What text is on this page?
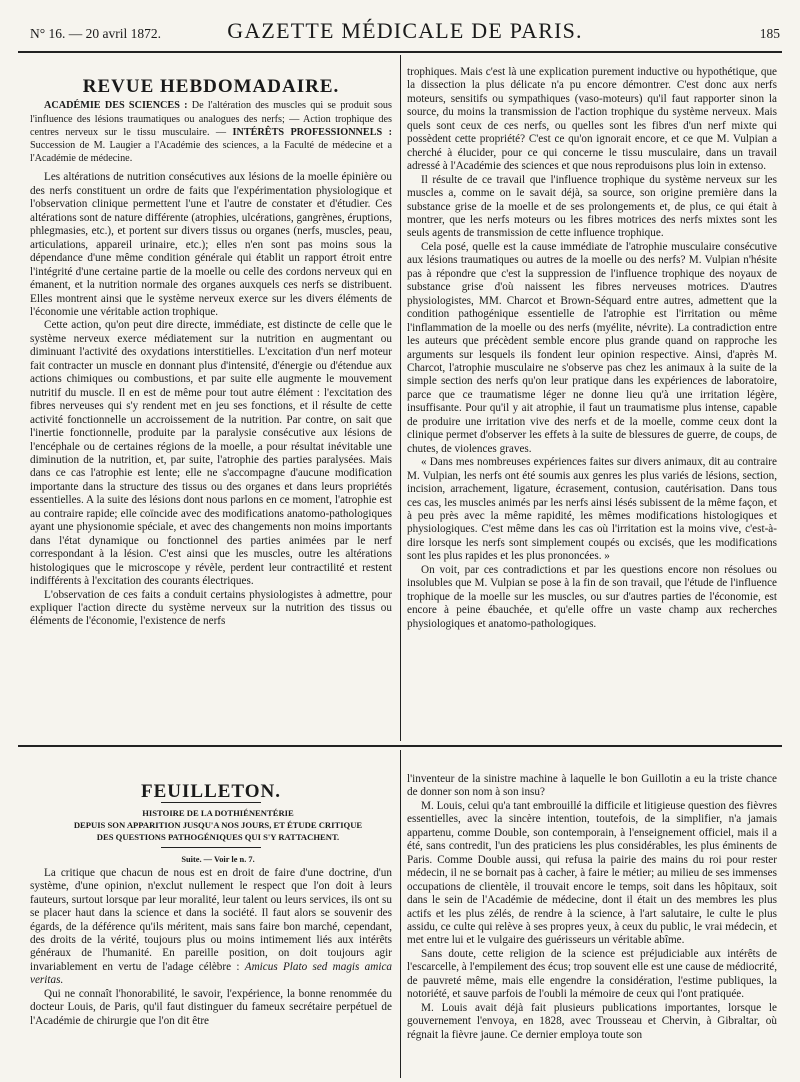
N° 16. — 20 avril 1872.	GAZETTE MÉDICALE DE PARIS.	185
REVUE HEBDOMADAIRE.
ACADÉMIE DES SCIENCES : De l'altération des muscles qui se produit sous l'influence des lésions traumatiques ou analogues des nerfs; — Action trophique des centres nerveux sur le tissu musculaire. — INTÉRÊTS PROFESSIONNELS : Succession de M. Laugier a l'Académie des sciences, a la Faculté de médecine et a l'Académie de médecine.

Les altérations de nutrition consécutives aux lésions de la moelle épinière ou des nerfs constituent un ordre de faits que l'expérimentation physiologique et l'observation clinique permettent l'une et l'autre de constater et d'étudier. Ces altérations sont de nature différente (atrophies, ulcérations, gangrènes, éruptions, phlegmasies, etc.), et portent sur divers tissus ou organes (nerfs, muscles, peau, articulations, appareil urinaire, etc.); elles n'en sont pas moins sous la dépendance d'une même condition générale qui établit un rapport étroit entre l'intégrité d'une certaine partie de la moelle ou celle des cordons nerveux qui en émanent, et la nutrition normale des organes auxquels ces nerfs se distribuent. Elles montrent ainsi que le système nerveux exerce sur les divers éléments de l'économie une véritable action trophique.

Cette action, qu'on peut dire directe, immédiate, est distincte de celle que le système nerveux exerce médiatement sur la nutrition en augmentant ou diminuant l'activité des oxydations interstitielles. L'excitation d'un nerf moteur fait contracter un muscle en donnant plus d'intensité, d'énergie ou d'étendue aux actions chimiques ou combustions, et par suite elle augmente le mouvement nutritif du muscle. Il en est de même pour tout autre élément : l'excitation des fibres nerveuses qui s'y rendent met en jeu ses fonctions, et il résulte de cette activité fonctionnelle un accroissement de la nutrition. Par contre, on sait que l'inertie fonctionnelle, produite par la paralysie consécutive aux lésions de l'encéphale ou de certaines régions de la moelle, a pour résultat inévitable une diminution de la nutrition, et, par suite, l'atrophie des parties paralysées. Mais dans ce cas l'atrophie est lente; elle ne s'accompagne d'aucune modification importante dans la structure des tissus ou des organes et dans leurs propriétés essentielles. A la suite des lésions dont nous parlons en ce moment, l'atrophie est au contraire rapide; elle coïncide avec des modifications anatomo-pathologiques ayant une physionomie spéciale, et avec des changements non moins importants dans l'état dynamique ou fonctionnel des parties animées par le nerf correspondant à la lésion. C'est ainsi que les muscles, outre les altérations histologiques que le microscope y révèle, perdent leur contractilité et restent indifférents à l'excitation des courants électriques.

L'observation de ces faits a conduit certains physiologistes à admettre, pour expliquer l'action directe du système nerveux sur la nutrition des tissus ou éléments de l'économie, l'existence de nerfs

trophiques. Mais c'est là une explication purement inductive ou hypothétique, que la dissection la plus délicate n'a pu encore démontrer. C'est donc aux nerfs moteurs, sensitifs ou sympathiques (vaso-moteurs) qu'il faut rapporter sinon la source, du moins la transmission de l'action trophique du système nerveux. Mais quels sont ceux de ces nerfs, ou quelles sont les fibres d'un nerf mixte qui possèdent cette propriété? C'est ce qu'on ignorait encore, et ce que M. Vulpian a cherché à élucider, pour ce qui concerne le tissu musculaire, dans un travail adressé à l'Académie des sciences et que nous reproduisons plus loin in extenso.

Il résulte de ce travail que l'influence trophique du système nerveux sur les muscles a, comme on le savait déjà, sa source, son origine première dans la substance grise de la moelle et de ses prolongements et, de plus, ce qui était à montrer, que les nerfs moteurs ou les fibres motrices des nerfs mixtes sont les seuls agents de transmission de cette influence trophique.

Cela posé, quelle est la cause immédiate de l'atrophie musculaire consécutive aux lésions traumatiques ou autres de la moelle ou des nerfs? M. Vulpian n'hésite pas à répondre que c'est la suppression de l'influence trophique des noyaux de substance grise d'où naissent les fibres nerveuses motrices. D'autres physiologistes, MM. Charcot et Brown-Séquard entre autres, admettent que la condition pathogénique essentielle de l'atrophie est l'irritation ou même l'inflammation de la moelle ou des nerfs (myélite, névrite). La contradiction entre les auteurs que précèdent semble encore plus grande quand on rapproche les arguments sur lesquels ils fondent leur opinion respective. Ainsi, d'après M. Charcot, l'atrophie musculaire ne s'observe pas chez les animaux à la suite de la simple section des nerfs qu'on leur pratique dans les expériences de laboratoire, parce que ce traumatisme léger ne donne lieu qu'à une irritation légère, insuffisante. Pour qu'il y ait atrophie, il faut un traumatisme plus intense, capable de produire une irritation vive des nerfs et de la moelle, comme ceux dont la clinique permet d'observer les effets à la suite de blessures de guerre, de coups, de chutes, de violences graves.

« Dans mes nombreuses expériences faites sur divers animaux, dit au contraire M. Vulpian, les nerfs ont été soumis aux genres les plus variés de lésions, section, incision, arrachement, ligature, écrasement, contusion, cautérisation. Dans tous ces cas, les muscles animés par les nerfs ainsi lésés subissent de la même façon, et à peu près avec la même rapidité, les mêmes modifications histologiques et physiologiques. C'est même dans les cas où l'irritation est la moins vive, c'est-à-dire lorsque les nerfs sont simplement coupés ou excisés, que les modifications sont les plus rapides et les plus prononcées. »

On voit, par ces contradictions et par les questions encore non résolues ou insolubles que M. Vulpian se pose à la fin de son travail, que l'étude de l'influence trophique de la moelle sur les muscles, ou sur d'autres parties de l'économie, est encore à peine ébauchée, et qu'elle offre un vaste champ aux recherches physiologiques et anatomo-pathologiques.

FEUILLETON.

HISTOIRE DE LA DOTHIÉNENTÉRIE

DEPUIS SON APPARITION JUSQU'A NOS JOURS, ET ÉTUDE CRITIQUE

DES QUESTIONS PATHOGÉNIQUES QUI S'Y RATTACHENT.

Suite. — Voir le n. 7.

La critique que chacun de nous est en droit de faire d'une doctrine, d'un système, d'une opinion, n'exclut nullement le respect que l'on doit à leurs fauteurs, surtout lorsque par leur moralité, leur talent ou leurs services, ils ont su se placer haut dans la science et dans la société. Il faut alors se souvenir des égards, de la déférence qu'ils méritent, mais sans faire bon marché, cependant, des droits de la vérité, toujours plus ou moins intimement liés aux intérêts généraux de l'humanité. En pareille position, on doit toujours agir invariablement en vertu de l'adage célèbre : Amicus Plato sed magis amica veritas.

Qui ne connaît l'honorabilité, le savoir, l'expérience, la bonne renommée du docteur Louis, de Paris, qu'il faut distinguer du fameux secrétaire perpétuel de l'Académie de chirurgie que l'on dit être

l'inventeur de la sinistre machine à laquelle le bon Guillotin a eu la triste chance de donner son nom à son insu?

M. Louis, celui qu'a tant embrouillé la difficile et litigieuse question des fièvres essentielles, avec la sincère intention, toutefois, de la simplifier, n'a jamais appartenu, comme Double, son contemporain, à l'enseignement officiel, mais il a été, sans contredit, l'un des praticiens les plus considérables, les plus éminents de Paris. Comme Double aussi, qui refusa la pairie des mains du roi pour rester médecin, il ne se bornait pas à cacher, à faire le métier; au milieu de ses immenses occupations de clientèle, il trouvait encore le temps, soit dans les hôpitaux, soit dans le sein de l'Académie de médecine, dont il était un des membres les plus actifs et les plus zélés, de rendre à la science, à l'art salutaire, le culte le plus assidu, ce culte qui relève à ses propres yeux, à ceux du public, le vrai médecin, et met entre lui et le vulgaire des guérisseurs un véritable abîme.

Sans doute, cette religion de la science est préjudiciable aux intérêts de l'escarcelle, à l'empilement des écus; trop souvent elle est une cause de médiocrité, de pauvreté même, mais elle engendre la considération, l'estime publiques, la notoriété, et sauve parfois de l'oubli la mémoire de ceux qui l'ont pratiquée.

M. Louis avait déjà fait plusieurs publications importantes, lorsque le gouvernement l'envoya, en 1828, avec Trousseau et Chervin, à Gibraltar, où régnait la fièvre jaune. Ce dernier employa toute son
